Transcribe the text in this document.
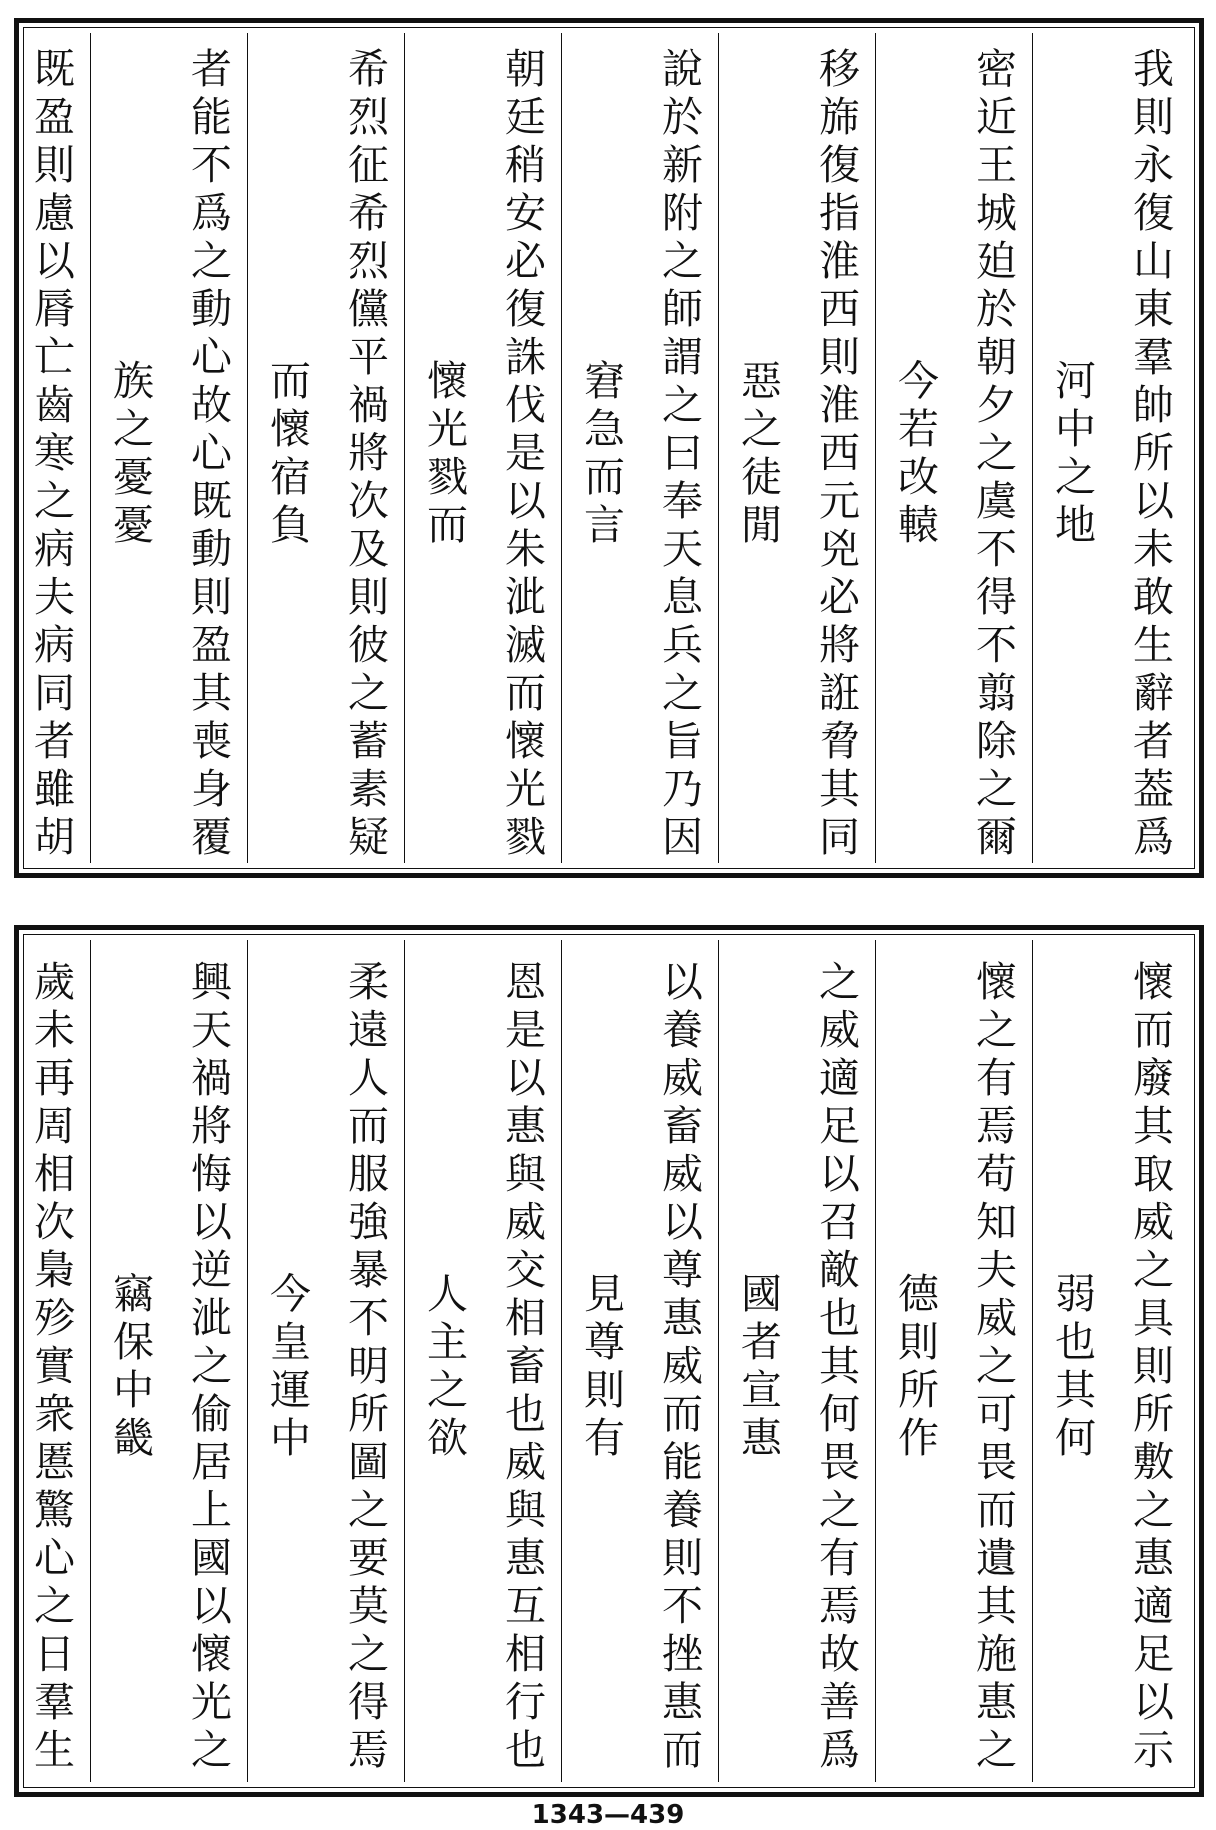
我則永復山東羣帥所以未敢生辭者葢爲河中之地
密近王城廹於朝夕之虞不得不翦除之爾今若改轅
移旆復指淮西則淮西元兇必將誑脅其同惡之徒閒
說於新附之師謂之曰奉天息兵之旨乃因窘急而言
朝廷稍安必復誅伐是以朱泚滅而懷光戮懷光戮而
希烈征希烈儻平禍將次及則彼之蓄素疑而懷宿負
者能不爲之動心故心既動則盈其喪身覆族之憂憂
既盈則慮以脣亡齒寒之病夫病同者雖胡
懷而廢其取威之具則所敷之惠適足以示弱也其何
懷之有焉苟知夫威之可畏而遺其施惠之德則所作
之威適足以召敵也其何畏之有焉故善爲國者宣惠
以養威畜威以尊惠威而能養則不挫惠而見尊則有
恩是以惠與威交相畜也威與惠互相行也人主之欲
柔遠人而服強暴不明所圖之要莫之得焉今皇運中
興天禍將悔以逆泚之偷居上國以懷光之竊保中畿
歲未再周相次梟殄實衆慝驚心之日羣生
1343—439
